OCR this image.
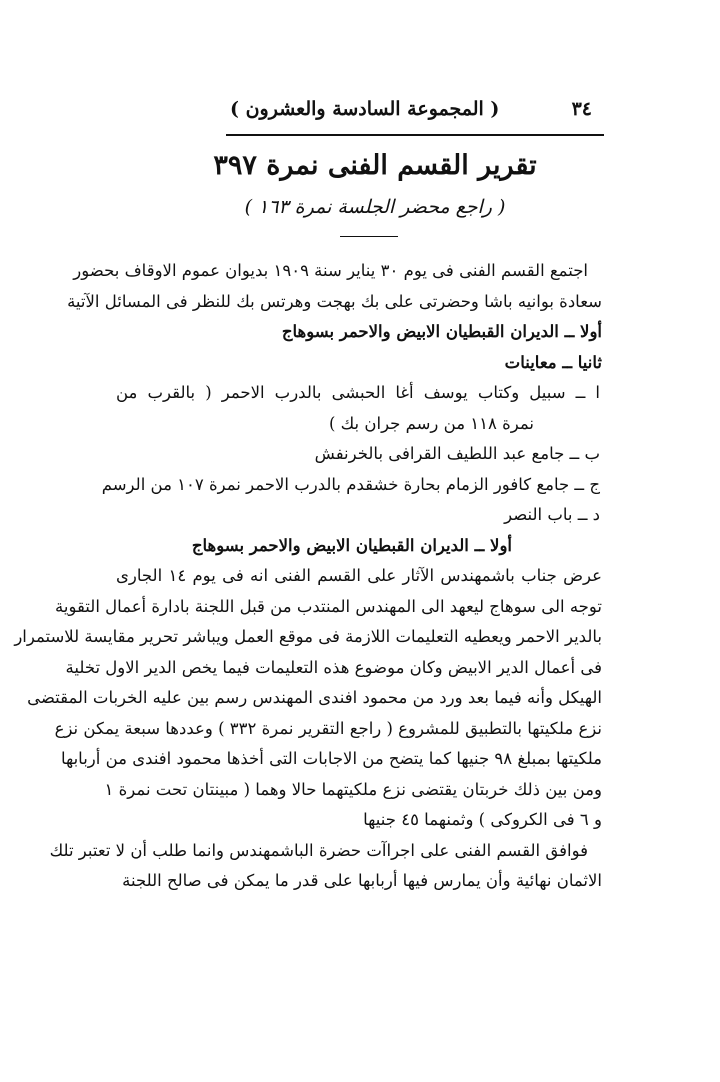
٣٤
( المجموعة السادسة والعشرون )
تقرير القسم الفنى نمرة ٣٩٧
( راجع محضر الجلسة نمرة ١٦٣ )
اجتمع القسم الفنى فى يوم ٣٠ يناير سنة ١٩٠٩ بديوان عموم الاوقاف بحضور
سعادة بوانيه باشا وحضرتى على بك بهجت وهرتس بك للنظر فى المسائل الآتية
أولا ــ الديران القبطيان الابيض والاحمر بسوهاج
ثانيا ــ معاينات
ا ــ سبيل وكتاب يوسف أغا الحبشى بالدرب الاحمر ( بالقرب من
نمرة ١١٨ من رسم جران بك )
ب ــ جامع عبد اللطيف القرافى بالخرنفش
ج ــ جامع كافور الزمام بحارة خشقدم بالدرب الاحمر نمرة ١٠٧ من الرسم
د ــ باب النصر
أولا ــ الديران القبطيان الابيض والاحمر بسوهاج
عرض جناب باشمهندس الآثار على القسم الفنى انه فى يوم ١٤ الجارى
توجه الى سوهاج ليعهد الى المهندس المنتدب من قبل اللجنة بادارة أعمال التقوية
بالدير الاحمر ويعطيه التعليمات اللازمة فى موقع العمل ويباشر تحرير مقايسة للاستمرار
فى أعمال الدير الابيض وكان موضوع هذه التعليمات فيما يخص الدير الاول تخلية
الهيكل وأنه فيما بعد ورد من محمود افندى المهندس رسم بين عليه الخربات المقتضى
نزع ملكيتها بالتطبيق للمشروع ( راجع التقرير نمرة ٣٣٢ ) وعددها سبعة يمكن نزع
ملكيتها بمبلغ ٩٨ جنيها كما يتضح من الاجابات التى أخذها محمود افندى من أربابها
ومن بين ذلك خربتان يقتضى نزع ملكيتهما حالا وهما ( مبينتان تحت نمرة ١
و ٦ فى الكروكى ) وثمنهما ٤٥ جنيها
فوافق القسم الفنى على اجراآت حضرة الباشمهندس وانما طلب أن لا تعتبر تلك
الاثمان نهائية وأن يمارس فيها أربابها على قدر ما يمكن فى صالح اللجنة
